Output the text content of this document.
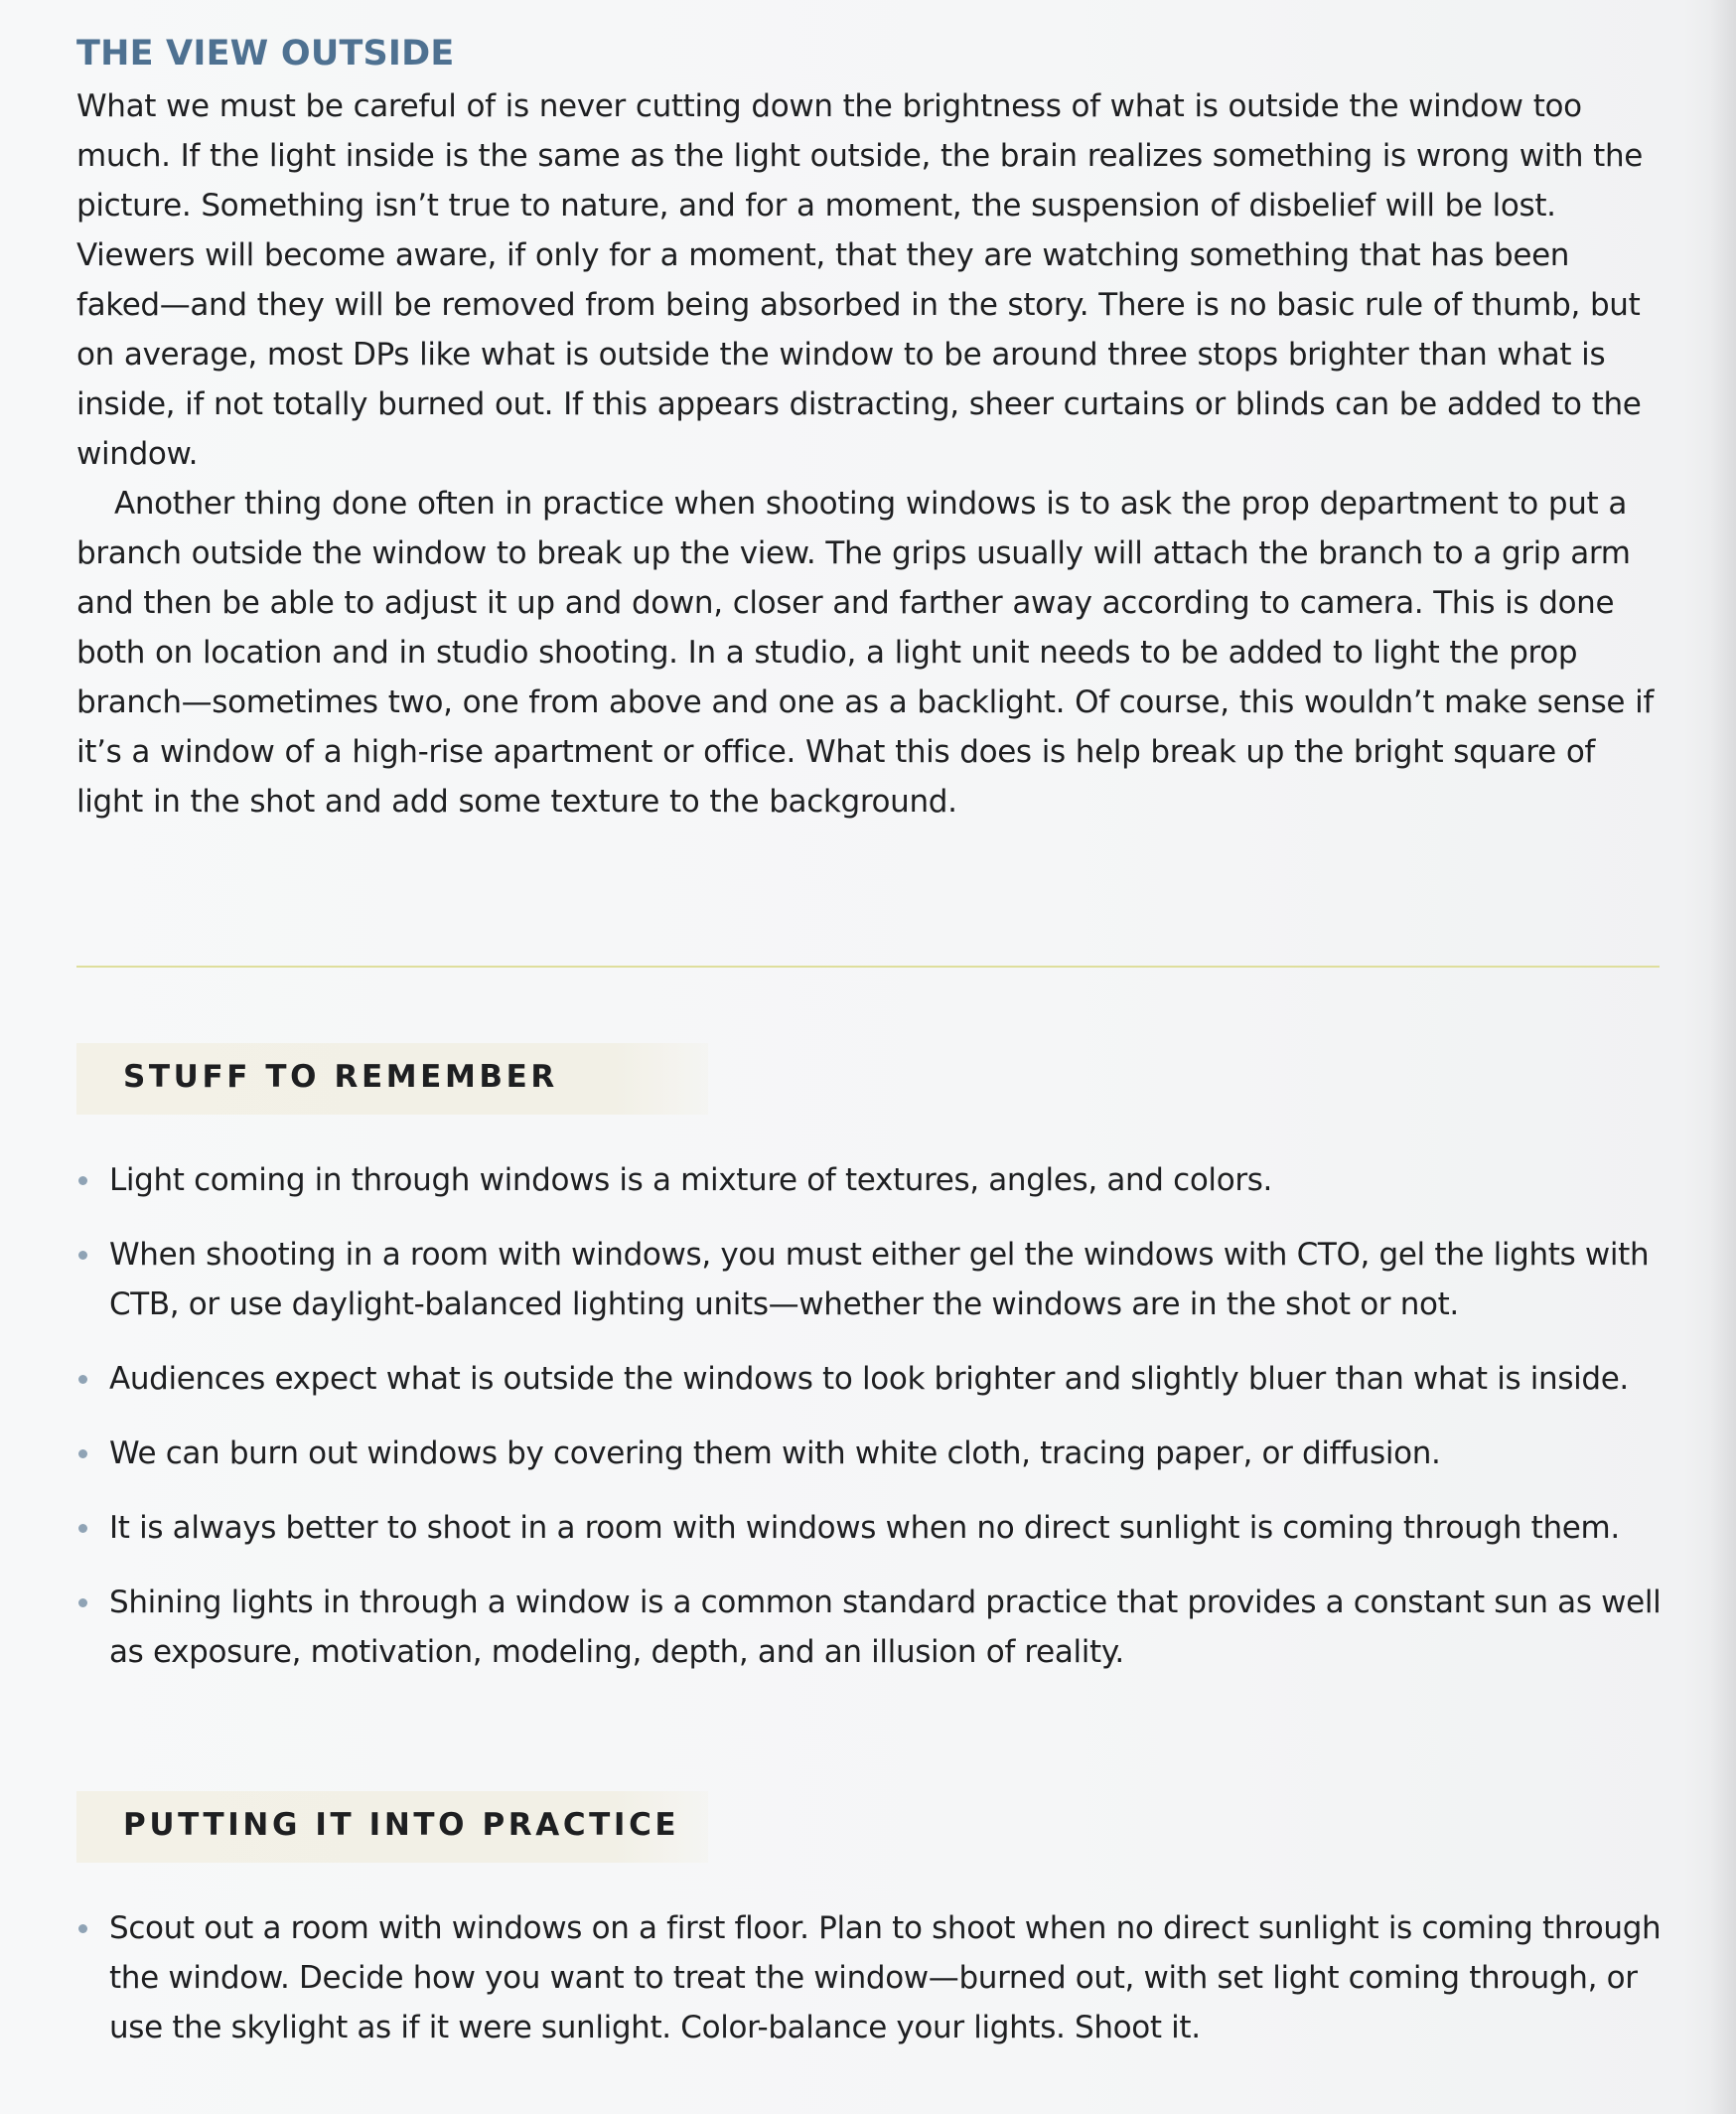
THE VIEW OUTSIDE

What we must be careful of is never cutting down the brightness of what is outside the window too much. If the light inside is the same as the light outside, the brain realizes something is wrong with the picture. Something isn’t true to nature, and for a moment, the suspension of disbelief will be lost. Viewers will become aware, if only for a moment, that they are watching something that has been faked—and they will be removed from being absorbed in the story. There is no basic rule of thumb, but on average, most DPs like what is outside the window to be around three stops brighter than what is inside, if not totally burned out. If this appears distracting, sheer curtains or blinds can be added to the window.

Another thing done often in practice when shooting windows is to ask the prop department to put a branch outside the window to break up the view. The grips usually will attach the branch to a grip arm and then be able to adjust it up and down, closer and farther away according to camera. This is done both on location and in studio shooting. In a studio, a light unit needs to be added to light the prop branch—sometimes two, one from above and one as a backlight. Of course, this wouldn’t make sense if it’s a window of a high-rise apartment or office. What this does is help break up the bright square of light in the shot and add some texture to the background.

STUFF TO REMEMBER
Light coming in through windows is a mixture of textures, angles, and colors.
When shooting in a room with windows, you must either gel the windows with CTO, gel the lights with CTB, or use daylight-balanced lighting units—whether the windows are in the shot or not.
Audiences expect what is outside the windows to look brighter and slightly bluer than what is inside.
We can burn out windows by covering them with white cloth, tracing paper, or diffusion.
It is always better to shoot in a room with windows when no direct sunlight is coming through them.
Shining lights in through a window is a common standard practice that provides a constant sun as well as exposure, motivation, modeling, depth, and an illusion of reality.
PUTTING IT INTO PRACTICE
Scout out a room with windows on a first floor. Plan to shoot when no direct sunlight is coming through the window. Decide how you want to treat the window—burned out, with set light coming through, or use the skylight as if it were sunlight. Color-balance your lights. Shoot it.
